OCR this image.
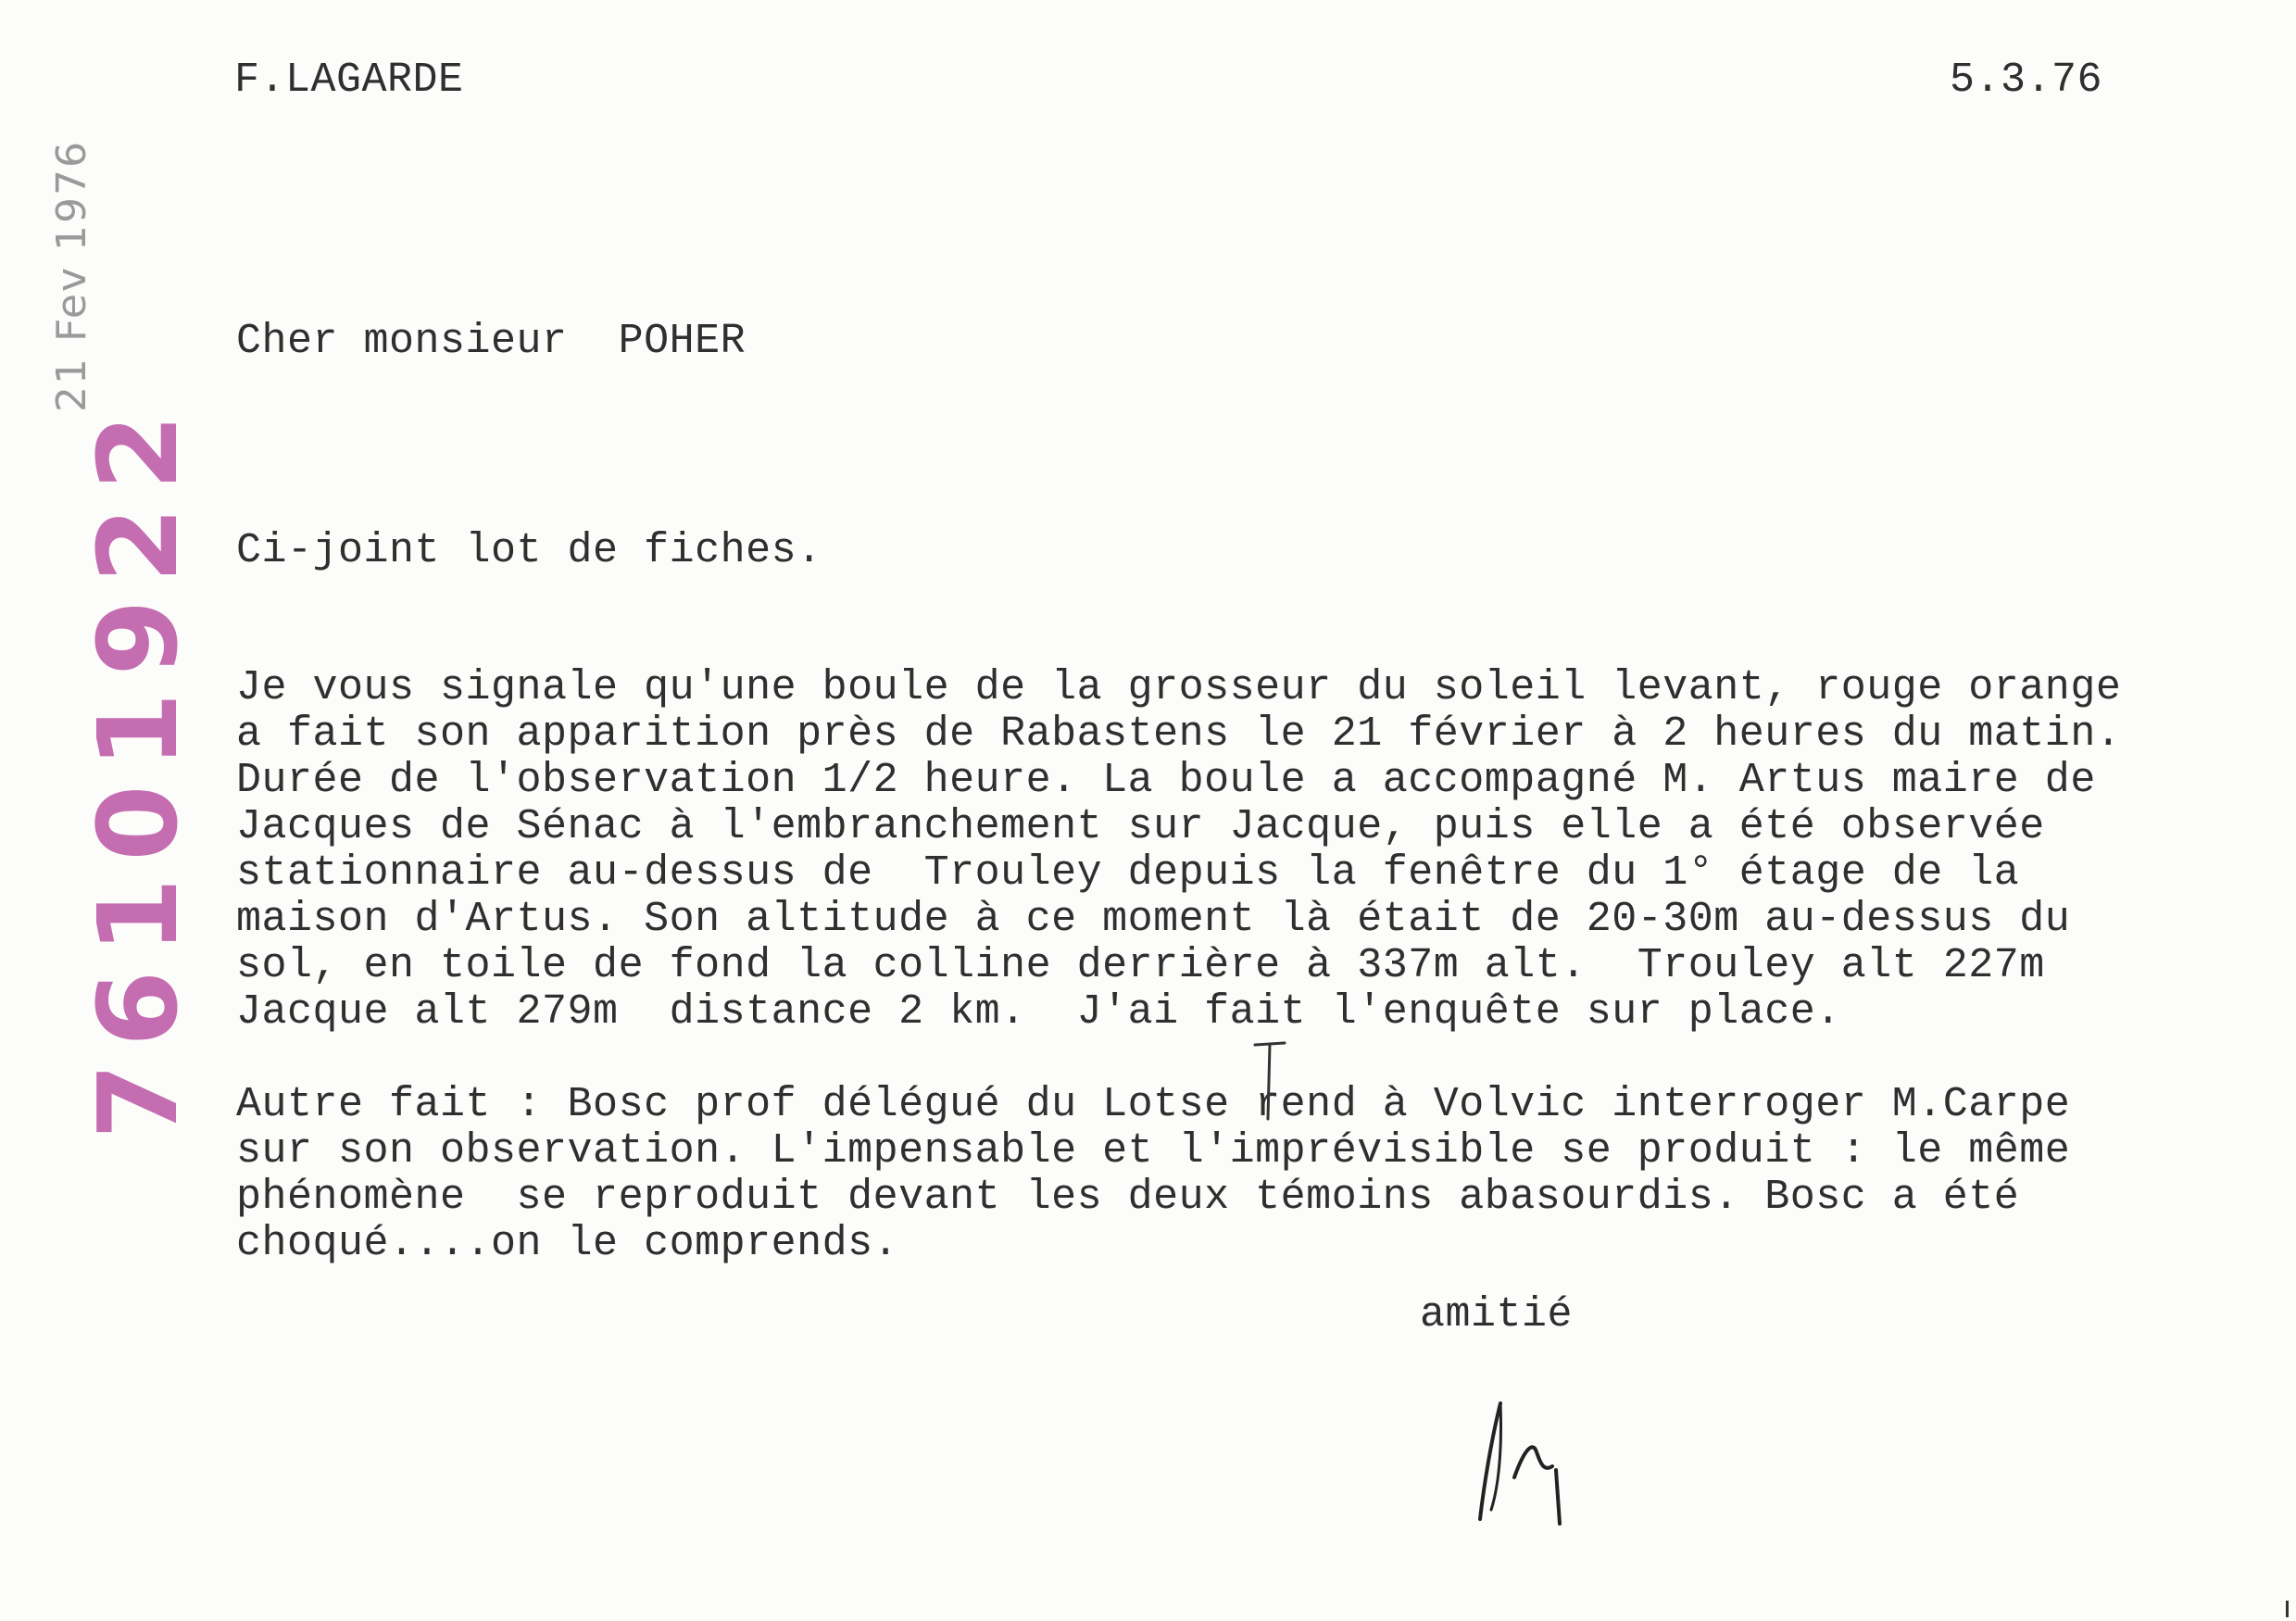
F.LAGARDE	5.3.76
21 Fev 1976
76101922
Cher monsieur  POHER
Ci-joint lot de fiches.
Je vous signale qu'une boule de la grosseur du soleil levant, rouge orange
a fait son apparition près de Rabastens le 21 février à 2 heures du matin.
Durée de l'observation 1/2 heure. La boule a accompagné M. Artus maire de
Jacques de Sénac à l'embranchement sur Jacque, puis elle a été observée
stationnaire au-dessus de  Trouley depuis la fenêtre du 1° étage de la
maison d'Artus. Son altitude à ce moment là était de 20-30m au-dessus du
sol, en toile de fond la colline derrière à 337m alt.  Trouley alt 227m
Jacque alt 279m  distance 2 km.  J'ai fait l'enquête sur place.
Autre fait : Bosc prof délégué du Lotse rend à Volvic interroger M.Carpe
sur son observation. L'impensable et l'imprévisible se produit : le même
phénomène  se reproduit devant les deux témoins abasourdis. Bosc a été
choqué....on le comprends.
amitié
